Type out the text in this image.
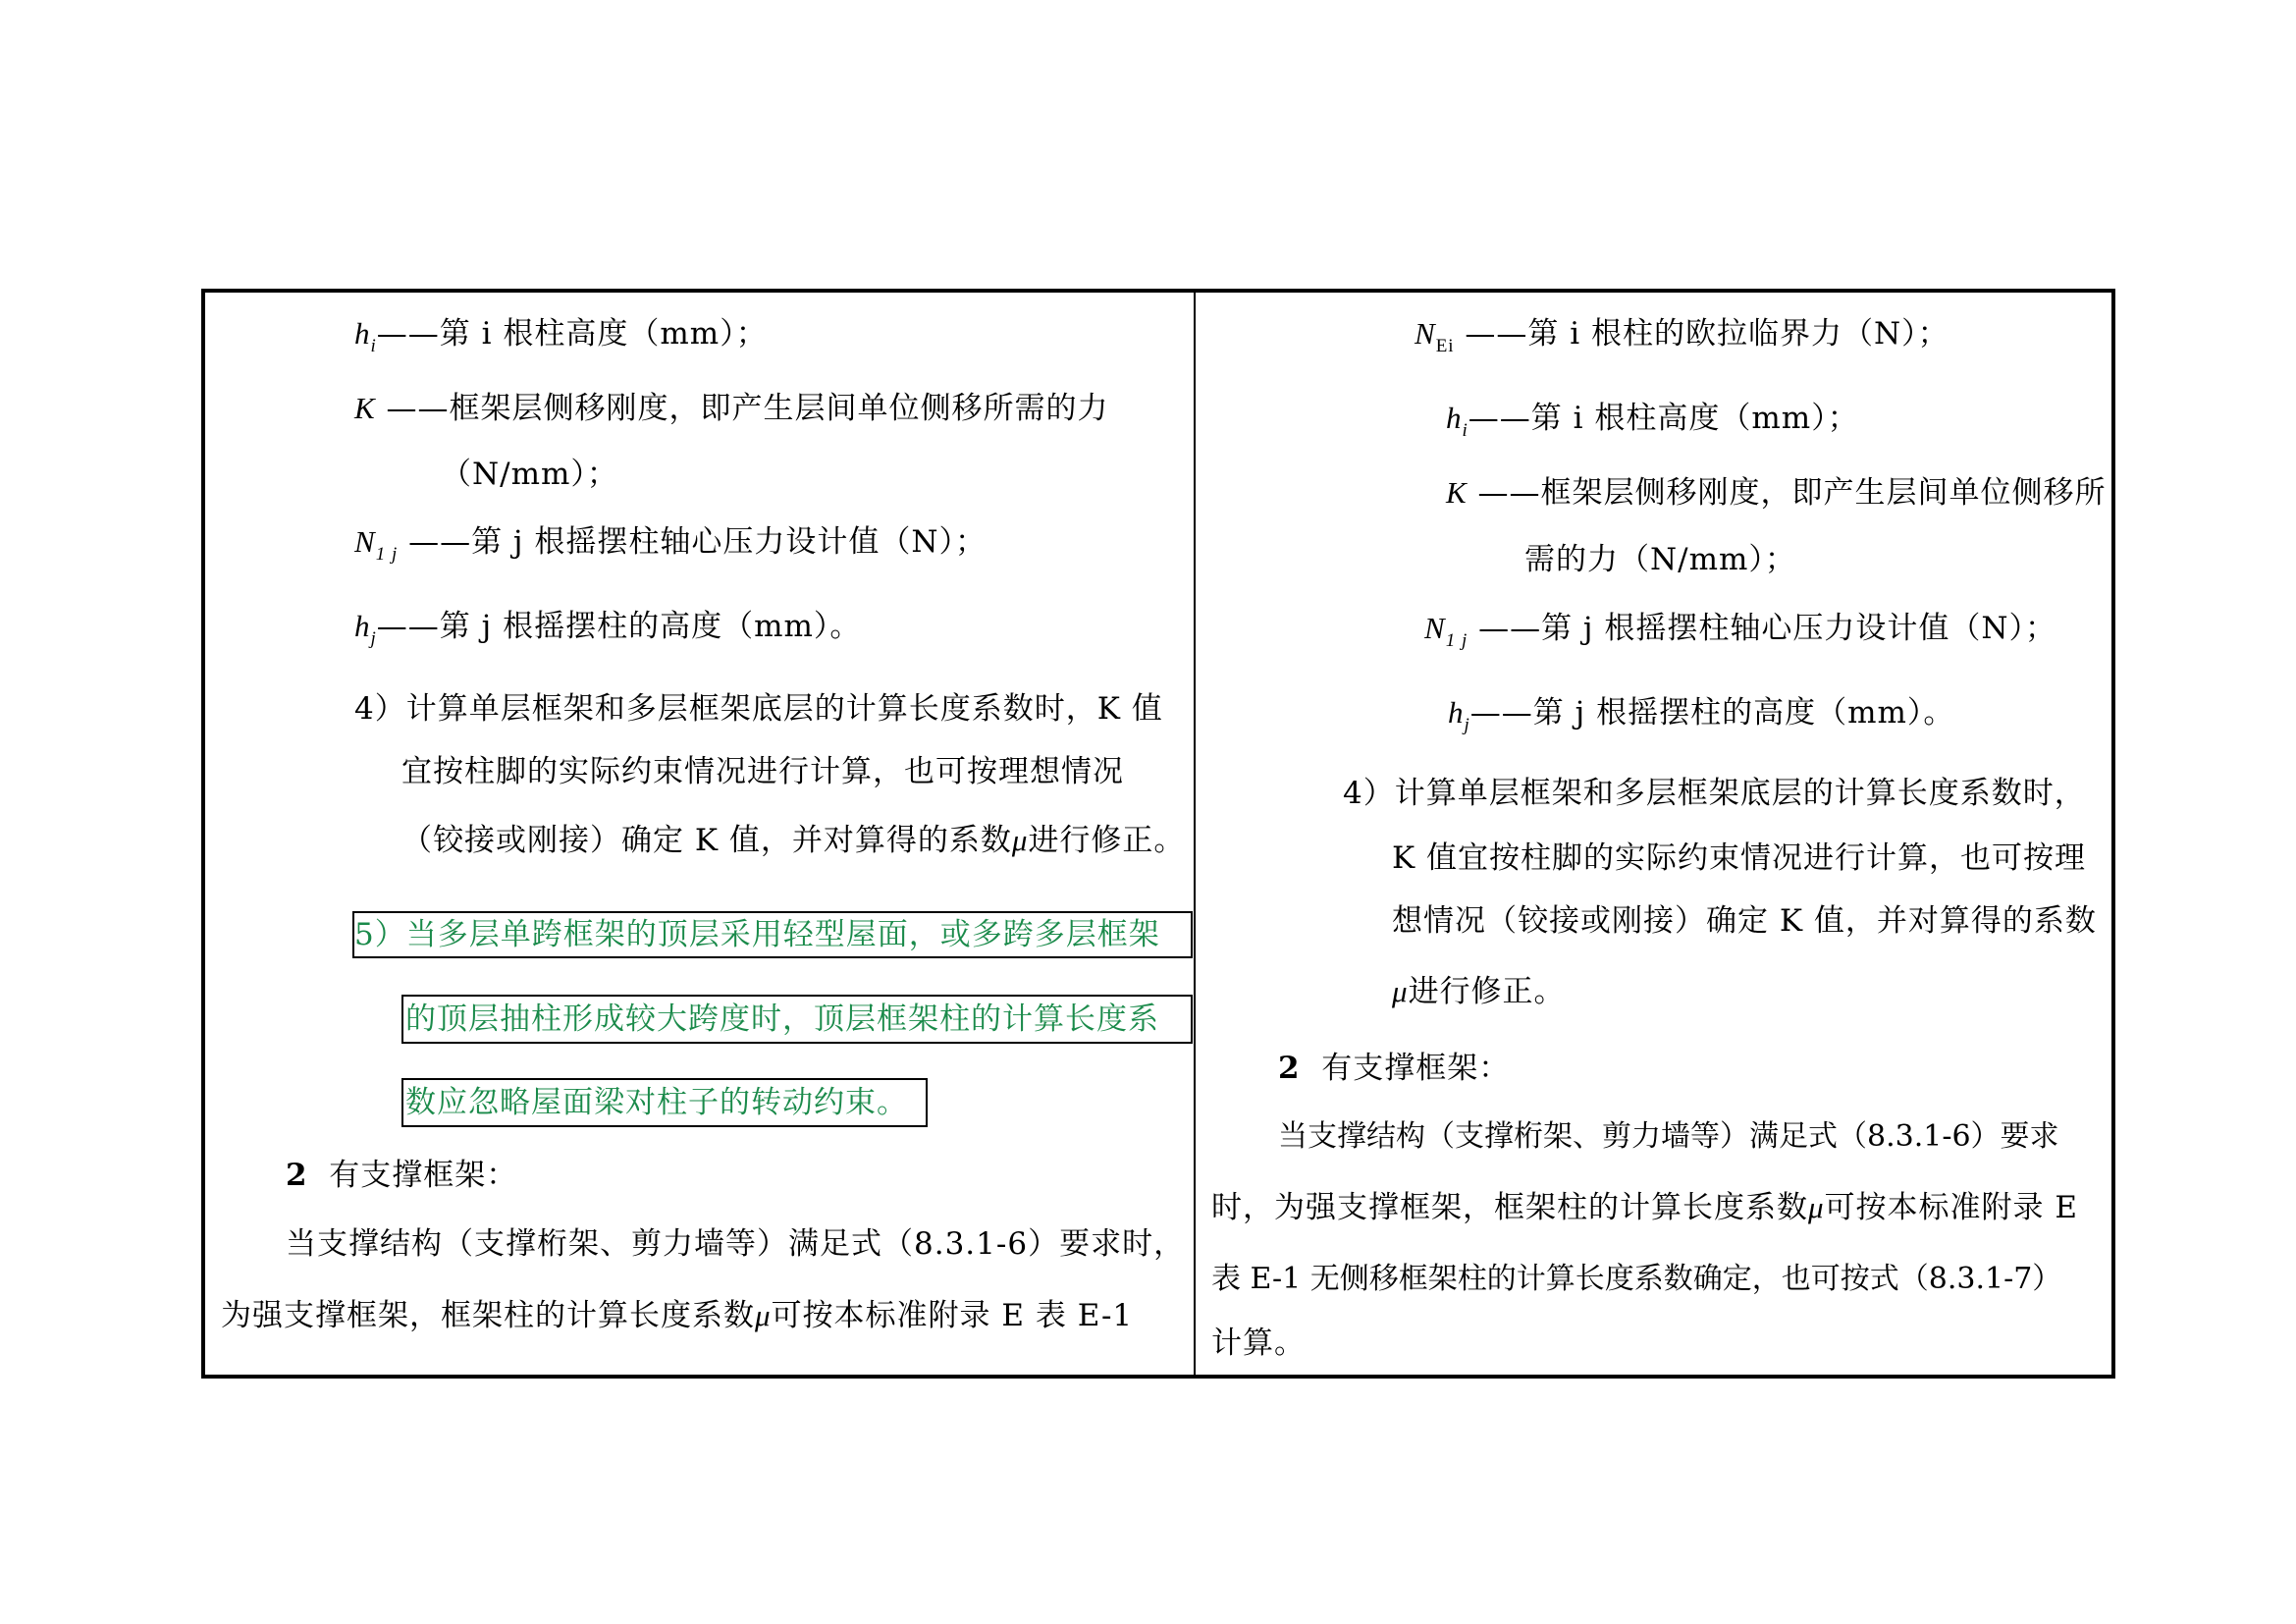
$h_i——$第 i 根柱高度（mm）；
K ——框架层侧移刚度，即产生层间单位侧移所需的力
（N/mm）；
$N_{1 j}$ ——第 j 根摇摆柱轴心压力设计值（N）；
$h_j——$第 j 根摇摆柱的高度（mm）。
4）计算单层框架和多层框架底层的计算长度系数时，K 值
宜按柱脚的实际约束情况进行计算，也可按理想情况
（铰接或刚接）确定 K 值，并对算得的系数μ进行修正。
5）当多层单跨框架的顶层采用轻型屋面，或多跨多层框架
的顶层抽柱形成较大跨度时，顶层框架柱的计算长度系
数应忽略屋面梁对柱子的转动约束。
2 有支撑框架：
当支撑结构（支撑桁架、剪力墙等）满足式（8.3.1-6）要求时，
为强支撑框架，框架柱的计算长度系数μ可按本标准附录 E 表 E-1
$N_{Ei}$ ——第 i 根柱的欧拉临界力（N）；
$h_i——$第 i 根柱高度（mm）；
K ——框架层侧移刚度，即产生层间单位侧移所
需的力（N/mm）；
$N_{1 j}$ ——第 j 根摇摆柱轴心压力设计值（N）；
$h_j——$第 j 根摇摆柱的高度（mm）。
4）计算单层框架和多层框架底层的计算长度系数时，
K 值宜按柱脚的实际约束情况进行计算，也可按理
想情况（铰接或刚接）确定 K 值，并对算得的系数
μ进行修正。
2 有支撑框架：
当支撑结构（支撑桁架、剪力墙等）满足式（8.3.1-6）要求
时，为强支撑框架，框架柱的计算长度系数μ可按本标准附录 E
表 E-1 无侧移框架柱的计算长度系数确定，也可按式（8.3.1-7）
计算。
